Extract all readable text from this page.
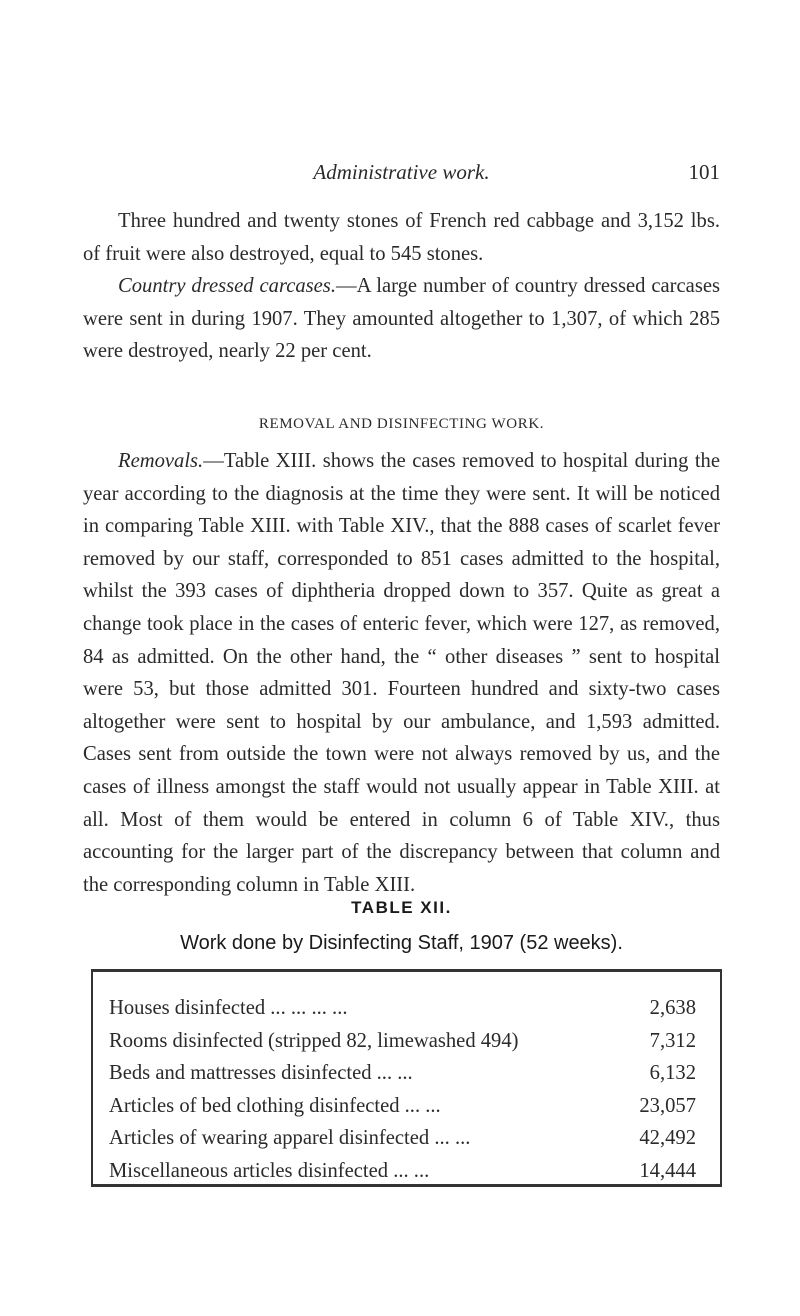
Administrative work.	101

Three hundred and twenty stones of French red cabbage and 3,152 lbs. of fruit were also destroyed, equal to 545 stones.

Country dressed carcases.—A large number of country dressed carcases were sent in during 1907. They amounted altogether to 1,307, of which 285 were destroyed, nearly 22 per cent.

REMOVAL AND DISINFECTING WORK.

Removals.—Table XIII. shows the cases removed to hospital during the year according to the diagnosis at the time they were sent. It will be noticed in comparing Table XIII. with Table XIV., that the 888 cases of scarlet fever removed by our staff, corresponded to 851 cases admitted to the hospital, whilst the 393 cases of diphtheria dropped down to 357. Quite as great a change took place in the cases of enteric fever, which were 127, as removed, 84 as admitted. On the other hand, the “ other diseases ” sent to hospital were 53, but those admitted 301. Fourteen hundred and sixty-two cases altogether were sent to hospital by our ambulance, and 1,593 admitted. Cases sent from outside the town were not always removed by us, and the cases of illness amongst the staff would not usually appear in Table XIII. at all. Most of them would be entered in column 6 of Table XIV., thus accounting for the larger part of the discrepancy between that column and the corresponding column in Table XIII.

TABLE XII.
Work done by Disinfecting Staff, 1907 (52 weeks).
Houses disinfected ... ... ... ...	2,638
Rooms disinfected (stripped 82, limewashed 494)	7,312
Beds and mattresses disinfected ... ...	6,132
Articles of bed clothing disinfected ... ...	23,057
Articles of wearing apparel disinfected ... ...	42,492
Miscellaneous articles disinfected ... ...	14,444
